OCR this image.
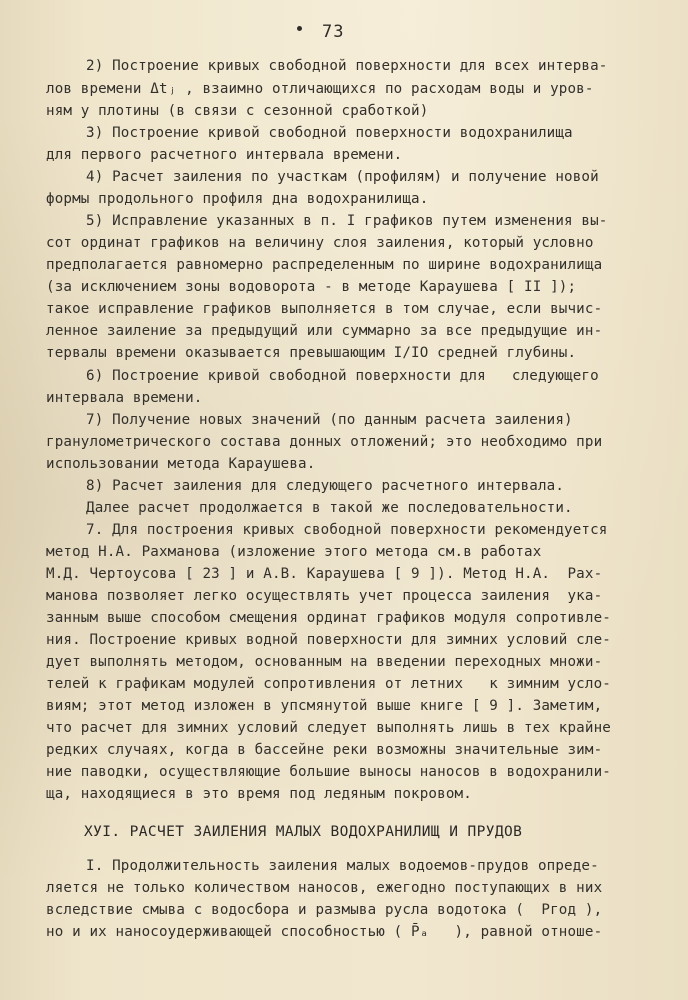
73
2) Построение кривых свободной поверхности для всех интерва-
лов времени Δtⱼ , взаимно отличающихся по расходам воды и уров-
ням у плотины (в связи с сезонной сработкой)
3) Построение кривой свободной поверхности водохранилища
для первого расчетного интервала времени.
4) Расчет заиления по участкам (профилям) и получение новой
формы продольного профиля дна водохранилища.
5) Исправление указанных в п. I графиков путем изменения вы-
сот ординат графиков на величину слоя заиления, который условно
предполагается равномерно распределенным по ширине водохранилища
(за исключением зоны водоворота - в методе Караушева [ II ]);
такое исправление графиков выполняется в том случае, если вычис-
ленное заиление за предыдущий или суммарно за все предыдущие ин-
тервалы времени оказывается превышающим I/IO средней глубины.
6) Построение кривой свободной поверхности для   следующего
интервала времени.
7) Получение новых значений (по данным расчета заиления)
гранулометрического состава донных отложений; это необходимо при
использовании метода Караушева.
8) Расчет заиления для следующего расчетного интервала.
Далее расчет продолжается в такой же последовательности.
7. Для построения кривых свободной поверхности рекомендуется
метод Н.А. Рахманова (изложение этого метода см.в работах
М.Д. Чертоусова [ 23 ] и А.В. Караушева [ 9 ]). Метод Н.А.  Рах-
манова позволяет легко осуществлять учет процесса заиления  ука-
занным выше способом смещения ординат графиков модуля сопротивле-
ния. Построение кривых водной поверхности для зимних условий сле-
дует выполнять методом, основанным на введении переходных множи-
телей к графикам модулей сопротивления от летних   к зимним усло-
виям; этот метод изложен в упсмянутой выше книге [ 9 ]. Заметим,
что расчет для зимних условий следует выполнять лишь в тех крайне
редких случаях, когда в бассейне реки возможны значительные зим-
ние паводки, осуществляющие большие выносы наносов в водохранили-
ща, находящиеся в это время под ледяным покровом.
ХУІ. РАСЧЕТ ЗАИЛЕНИЯ МАЛЫХ ВОДОХРАНИЛИЩ И ПРУДОВ
I. Продолжительность заиления малых водоемов-прудов опреде-
ляется не только количеством наносов, ежегодно поступающих в них
вследствие смыва с водосбора и размыва русла водотока (  Pгод ),
но и их наносоудерживающей способностью ( P̄ₐ   ), равной отноше-
